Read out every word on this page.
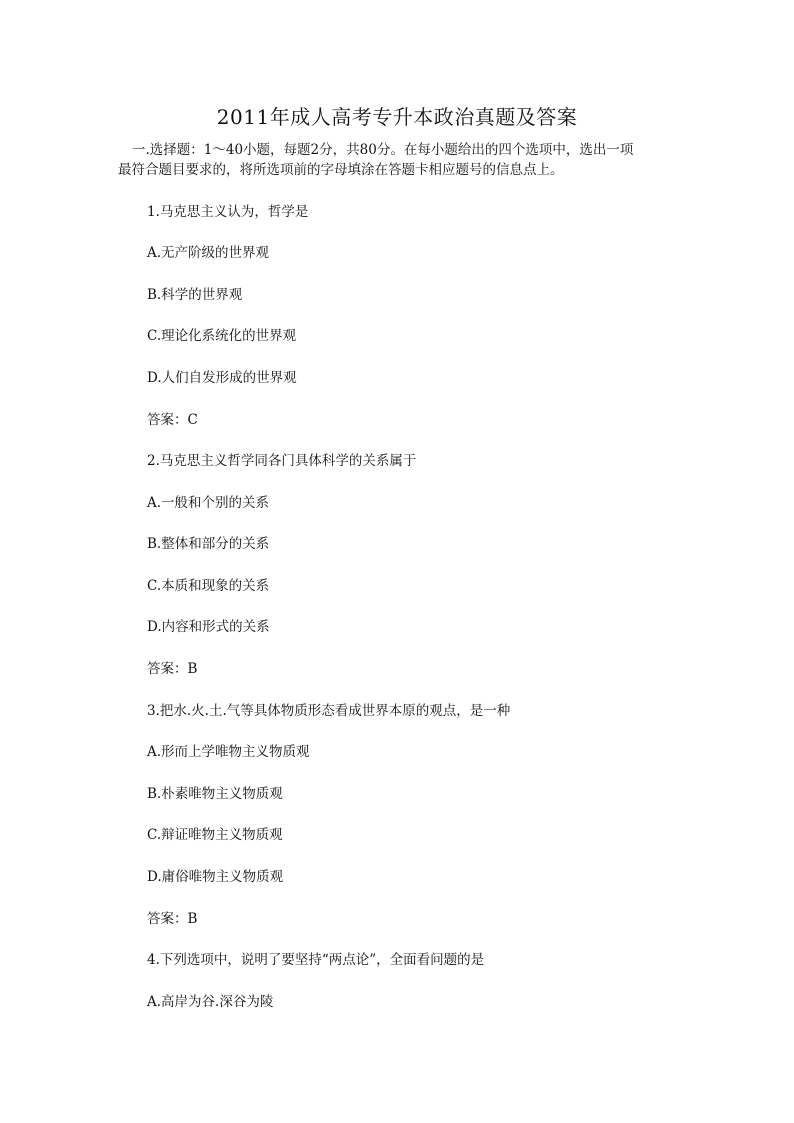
2011年成人高考专升本政治真题及答案

一.选择题：1～40小题，每题2分，共80分。在每小题给出的四个选项中，选出一项

最符合题目要求的，将所选项前的字母填涂在答题卡相应题号的信息点上。

1.马克思主义认为，哲学是
A.无产阶级的世界观
B.科学的世界观
C.理论化系统化的世界观
D.人们自发形成的世界观
答案：C
2.马克思主义哲学同各门具体科学的关系属于
A.一般和个别的关系
B.整体和部分的关系
C.本质和现象的关系
D.内容和形式的关系
答案：B
3.把水.火.土.气等具体物质形态看成世界本原的观点，是一种
A.形而上学唯物主义物质观
B.朴素唯物主义物质观
C.辩证唯物主义物质观
D.庸俗唯物主义物质观
答案：B
4.下列选项中，说明了要坚持“两点论”，全面看问题的是
A.高岸为谷.深谷为陵
